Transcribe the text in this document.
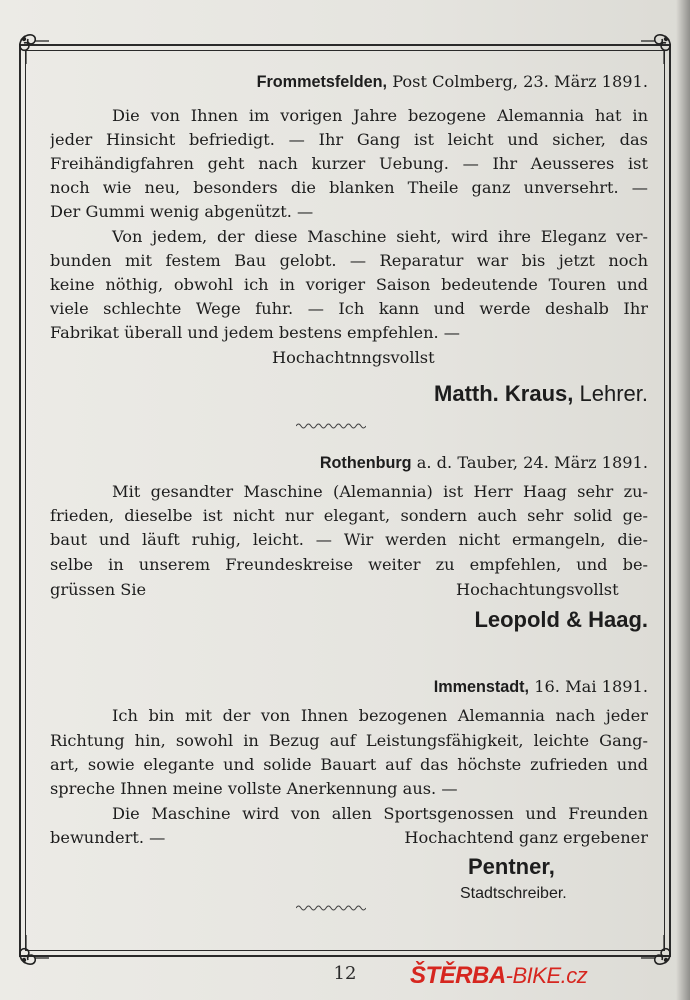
Frommetsfelden, Post Colmberg, 23. März 1891.
Die von Ihnen im vorigen Jahre bezogene Alemannia hat in
jeder Hinsicht befriedigt. — Ihr Gang ist leicht und sicher, das
Freihändigfahren geht nach kurzer Uebung. — Ihr Aeusseres ist
noch wie neu, besonders die blanken Theile ganz unversehrt. —
Der Gummi wenig abgenützt. —
Von jedem, der diese Maschine sieht, wird ihre Eleganz ver-
bunden mit festem Bau gelobt. — Reparatur war bis jetzt noch
keine nöthig, obwohl ich in voriger Saison bedeutende Touren und
viele schlechte Wege fuhr. — Ich kann und werde deshalb Ihr
Fabrikat überall und jedem bestens empfehlen. —
Hochachtnngsvollst
Matth. Kraus, Lehrer.
Rothenburg a. d. Tauber, 24. März 1891.
Mit gesandter Maschine (Alemannia) ist Herr Haag sehr zu-
frieden, dieselbe ist nicht nur elegant, sondern auch sehr solid ge-
baut und läuft ruhig, leicht. — Wir werden nicht ermangeln, die-
selbe in unserem Freundeskreise weiter zu empfehlen, und be-
grüssen Sie	Hochachtungsvollst
Leopold & Haag.
Immenstadt, 16. Mai 1891.
Ich bin mit der von Ihnen bezogenen Alemannia nach jeder
Richtung hin, sowohl in Bezug auf Leistungsfähigkeit, leichte Gang-
art, sowie elegante und solide Bauart auf das höchste zufrieden und
spreche Ihnen meine vollste Anerkennung aus. —
Die Maschine wird von allen Sportsgenossen und Freunden
bewundert. —	Hochachtend ganz ergebener
Pentner,
Stadtschreiber.
12	ŠTĚRBA-BIKE.cz
